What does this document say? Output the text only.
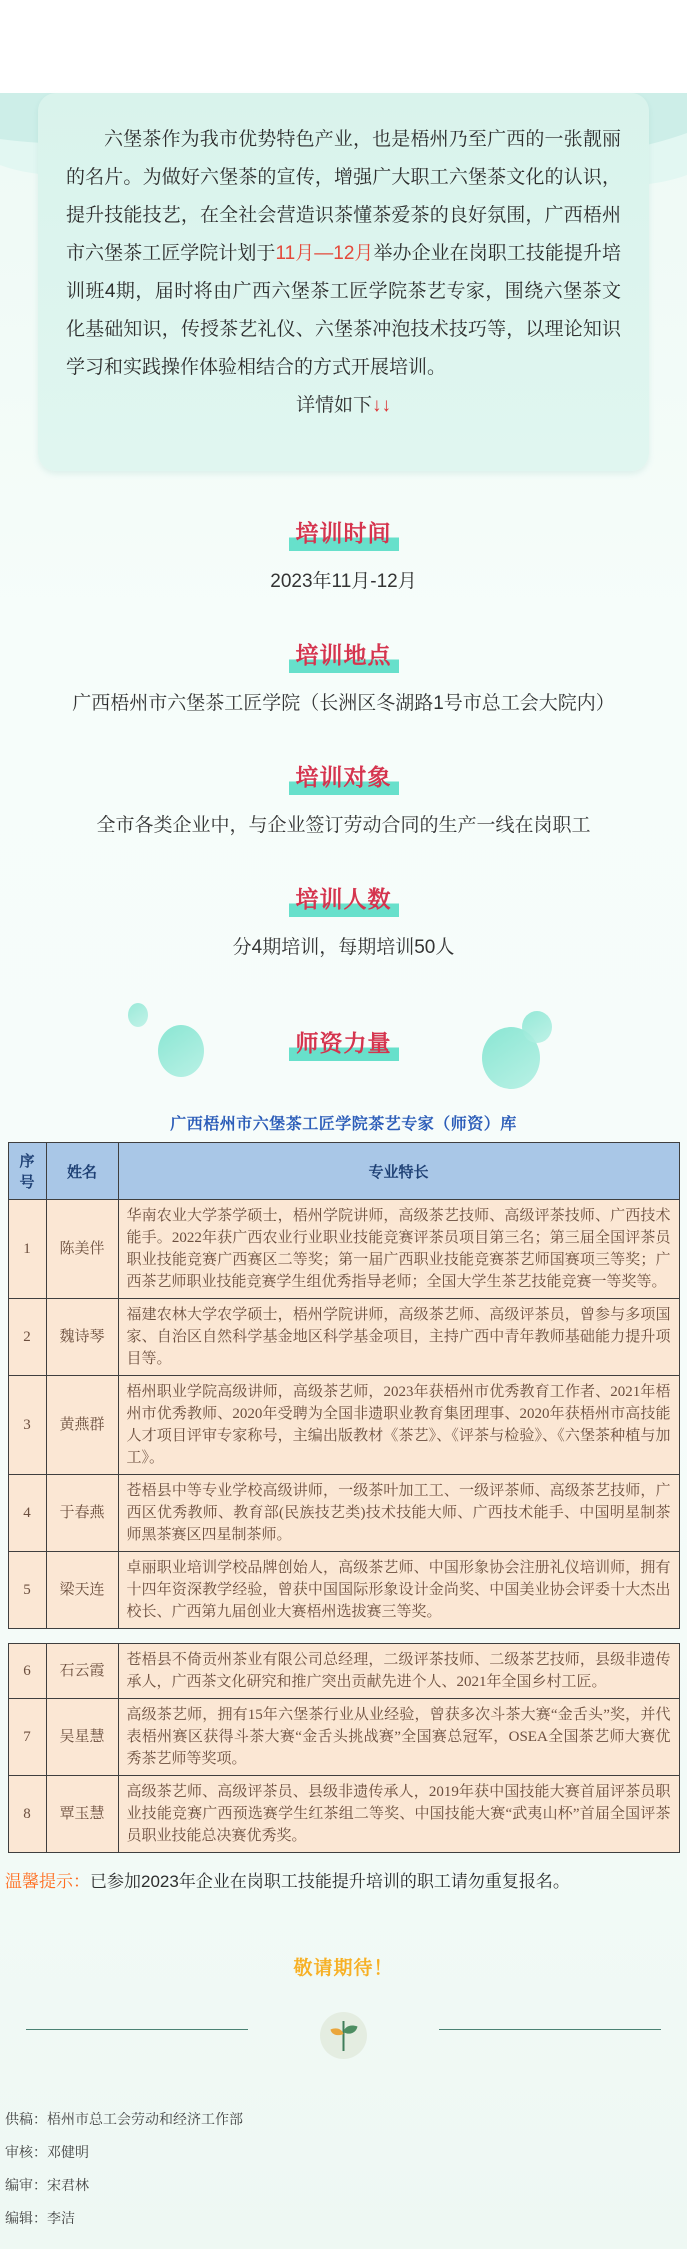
六堡茶作为我市优势特色产业，也是梧州乃至广西的一张靓丽的名片。为做好六堡茶的宣传，增强广大职工六堡茶文化的认识，提升技能技艺，在全社会营造识茶懂茶爱茶的良好氛围，广西梧州市六堡茶工匠学院计划于11月—12月举办企业在岗职工技能提升培训班4期，届时将由广西六堡茶工匠学院茶艺专家，围绕六堡茶文化基础知识，传授茶艺礼仪、六堡茶冲泡技术技巧等，以理论知识学习和实践操作体验相结合的方式开展培训。

详情如下↓↓

培训时间
2023年11月-12月
培训地点
广西梧州市六堡茶工匠学院（长洲区冬湖路1号市总工会大院内）
培训对象
全市各类企业中，与企业签订劳动合同的生产一线在岗职工
培训人数
分4期培训，每期培训50人
师资力量
广西梧州市六堡茶工匠学院茶艺专家（师资）库
序号	姓名	专业特长
1	陈美伴	华南农业大学茶学硕士，梧州学院讲师，高级茶艺技师、高级评茶技师、广西技术能手。2022年获广西农业行业职业技能竞赛评茶员项目第三名；第三届全国评茶员职业技能竞赛广西赛区二等奖；第一届广西职业技能竞赛茶艺师国赛项三等奖；广西茶艺师职业技能竞赛学生组优秀指导老师；全国大学生茶艺技能竞赛一等奖等。
2	魏诗琴	福建农林大学农学硕士，梧州学院讲师，高级茶艺师、高级评茶员，曾参与多项国家、自治区自然科学基金地区科学基金项目，主持广西中青年教师基础能力提升项目等。
3	黄燕群	梧州职业学院高级讲师，高级茶艺师，2023年获梧州市优秀教育工作者、2021年梧州市优秀教师、2020年受聘为全国非遗职业教育集团理事、2020年获梧州市高技能人才项目评审专家称号，主编出版教材《茶艺》、《评茶与检验》、《六堡茶种植与加工》。
4	于春燕	苍梧县中等专业学校高级讲师，一级茶叶加工工、一级评茶师、高级茶艺技师，广西区优秀教师、教育部(民族技艺类)技术技能大师、广西技术能手、中国明星制茶师黑茶赛区四星制茶师。
5	梁天连	卓丽职业培训学校品牌创始人，高级茶艺师、中国形象协会注册礼仪培训师，拥有十四年资深教学经验，曾获中国国际形象设计金尚奖、中国美业协会评委十大杰出校长、广西第九届创业大赛梧州选拔赛三等奖。
6	石云霞	苍梧县不倚贡州茶业有限公司总经理，二级评茶技师、二级茶艺技师，县级非遗传承人，广西茶文化研究和推广突出贡献先进个人、2021年全国乡村工匠。
7	吴星慧	高级茶艺师，拥有15年六堡茶行业从业经验，曾获多次斗茶大赛“金舌头”奖，并代表梧州赛区获得斗茶大赛“金舌头挑战赛”全国赛总冠军，OSEA全国茶艺师大赛优秀茶艺师等奖项。
8	覃玉慧	高级茶艺师、高级评茶员、县级非遗传承人，2019年获中国技能大赛首届评茶员职业技能竞赛广西预选赛学生红茶组二等奖、中国技能大赛“武夷山杯”首届全国评茶员职业技能总决赛优秀奖。

温馨提示：已参加2023年企业在岗职工技能提升培训的职工请勿重复报名。

敬请期待！
供稿：梧州市总工会劳动和经济工作部
审核：邓健明
编审：宋君林
编辑：李洁
